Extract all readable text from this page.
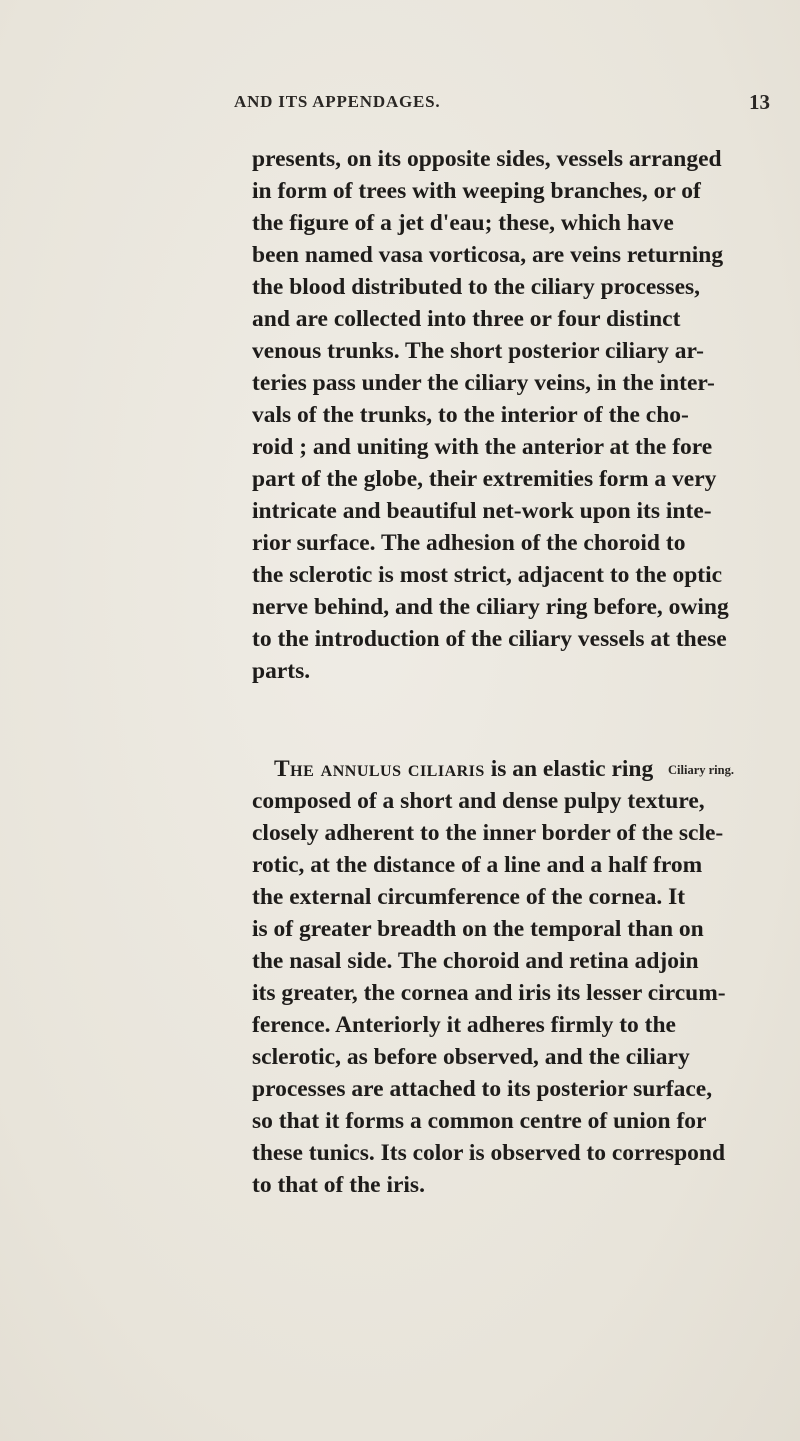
AND ITS APPENDAGES.	13
presents, on its opposite sides, vessels arranged
in form of trees with weeping branches, or of
the figure of a jet d'eau; these, which have
been named vasa vorticosa, are veins returning
the blood distributed to the ciliary processes,
and are collected into three or four distinct
venous trunks. The short posterior ciliary ar-
teries pass under the ciliary veins, in the inter-
vals of the trunks, to the interior of the cho-
roid ; and uniting with the anterior at the fore
part of the globe, their extremities form a very
intricate and beautiful net-work upon its inte-
rior surface. The adhesion of the choroid to
the sclerotic is most strict, adjacent to the optic
nerve behind, and the ciliary ring before, owing
to the introduction of the ciliary vessels at these
parts.
The annulus ciliaris is an elastic ring
composed of a short and dense pulpy texture,
closely adherent to the inner border of the scle-
rotic, at the distance of a line and a half from
the external circumference of the cornea. It
is of greater breadth on the temporal than on
the nasal side. The choroid and retina adjoin
its greater, the cornea and iris its lesser circum-
ference. Anteriorly it adheres firmly to the
sclerotic, as before observed, and the ciliary
processes are attached to its posterior surface,
so that it forms a common centre of union for
these tunics. Its color is observed to correspond
to that of the iris.
Ciliary ring.
